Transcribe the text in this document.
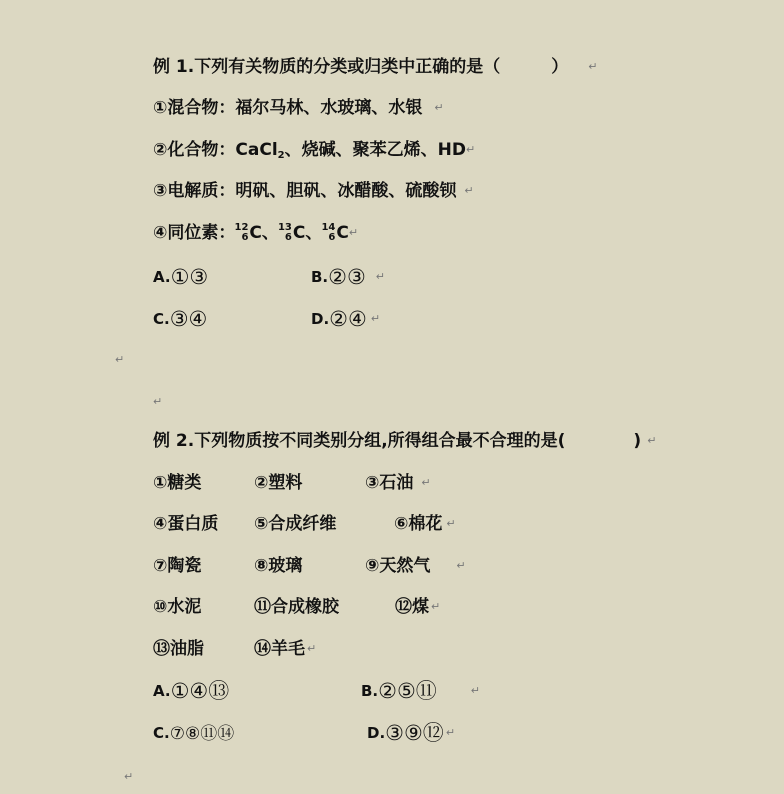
例 1.下列有关物质的分类或归类中正确的是（　　　） ↵
①混合物：福尔马林、水玻璃、水银 ↵
②化合物：CaCl2、烧碱、聚苯乙烯、HD↵
③电解质：明矾、胆矾、冰醋酸、硫酸钡 ↵
④同位素： 12
6 C、 13
6 C、 14
6 C↵
A.①③	B.②③ ↵
C.③④	D.②④ ↵
↵
↵
例 2.下列物质按不同类别分组,所得组合最不合理的是(　　　　) ↵
①糖类	②塑料	③石油 ↵
④蛋白质 ⑤合成纤维	⑥棉花 ↵
⑦陶瓷	⑧玻璃	⑨天然气 ↵
⑩水泥	⑪合成橡胶	⑫煤 ↵
⑬油脂	⑭羊毛 ↵
A.①④⑬	B.②⑤⑪	↵
C.⑦⑧⑪⑭	D.③⑨⑫ ↵
↵
